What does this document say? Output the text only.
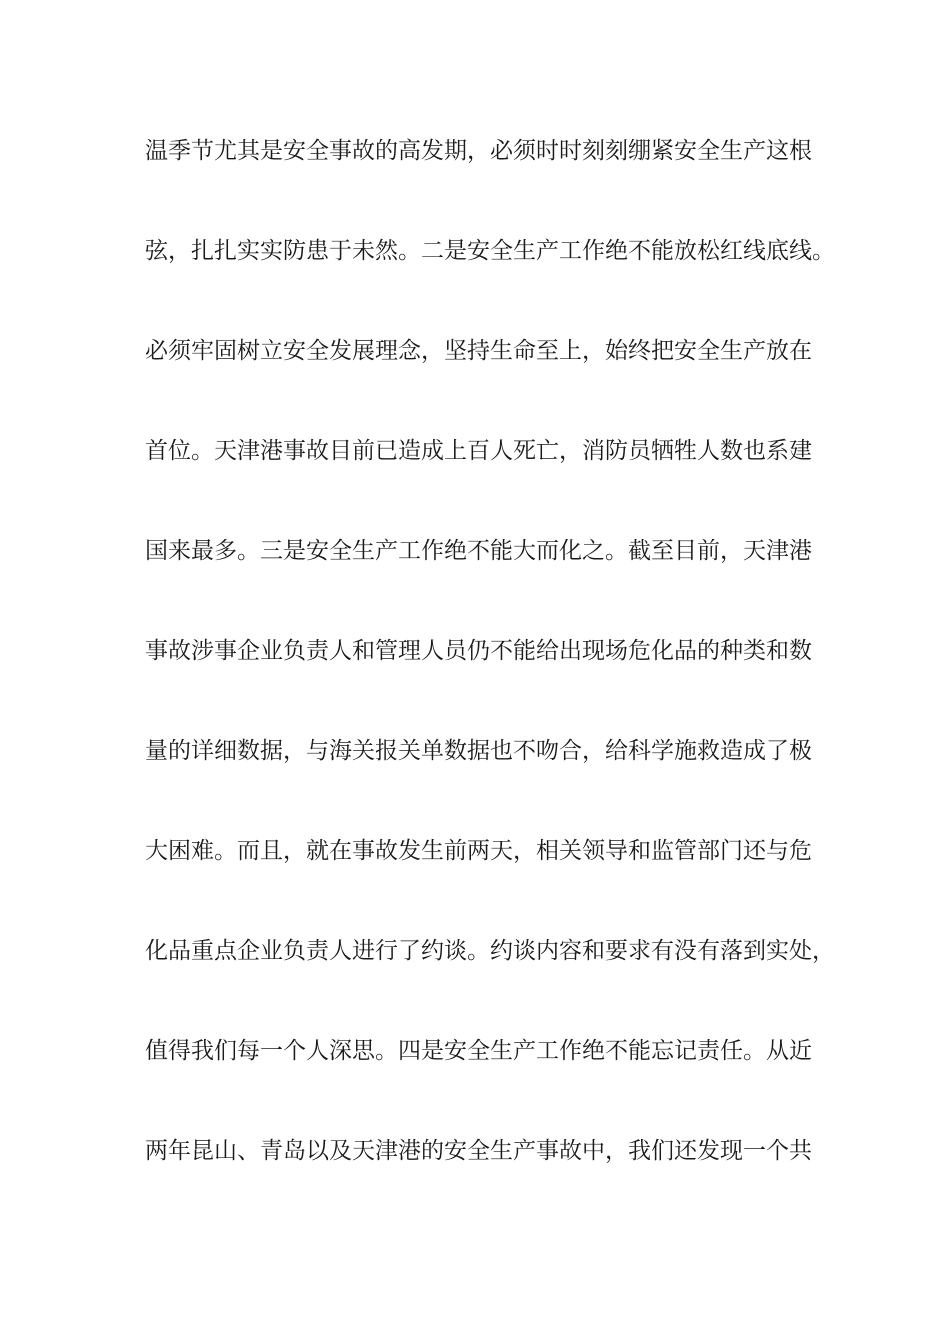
温季节尤其是安全事故的高发期，必须时时刻刻绷紧安全生产这根
弦，扎扎实实防患于未然。二是安全生产工作绝不能放松红线底线。
必须牢固树立安全发展理念，坚持生命至上，始终把安全生产放在
首位。天津港事故目前已造成上百人死亡，消防员牺牲人数也系建
国来最多。三是安全生产工作绝不能大而化之。截至目前，天津港
事故涉事企业负责人和管理人员仍不能给出现场危化品的种类和数
量的详细数据，与海关报关单数据也不吻合，给科学施救造成了极
大困难。而且，就在事故发生前两天，相关领导和监管部门还与危
化品重点企业负责人进行了约谈。约谈内容和要求有没有落到实处，
值得我们每一个人深思。四是安全生产工作绝不能忘记责任。从近
两年昆山、青岛以及天津港的安全生产事故中，我们还发现一个共
